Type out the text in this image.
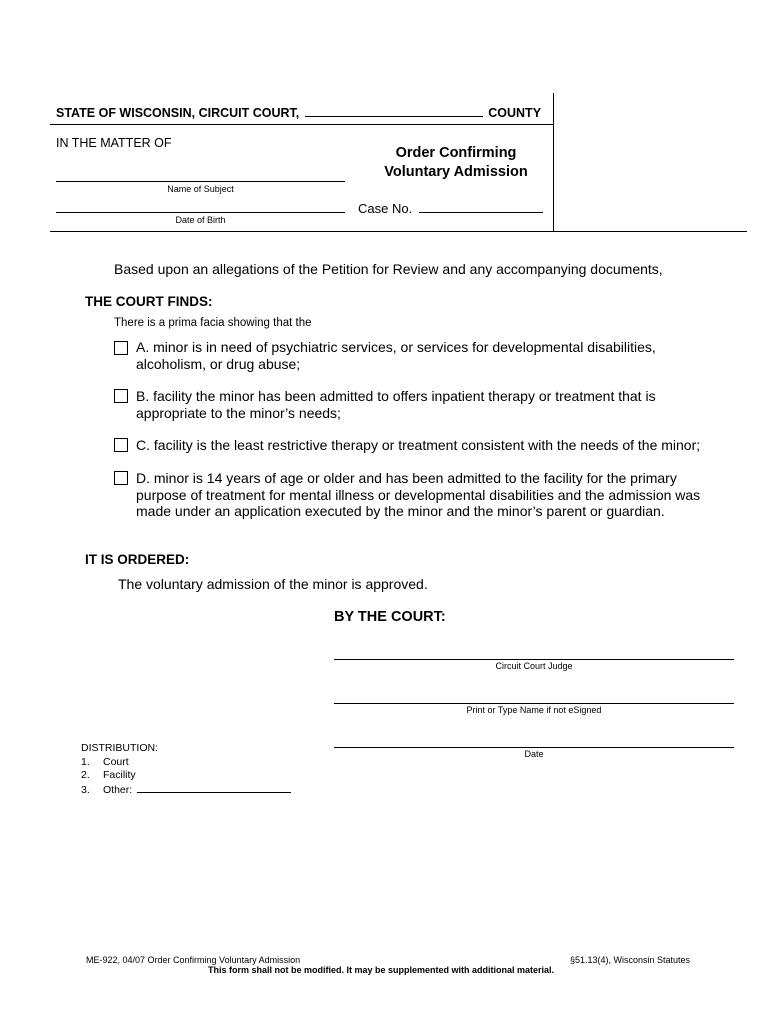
STATE OF WISCONSIN, CIRCUIT COURT,	COUNTY
IN THE MATTER OF
Name of Subject
Date of Birth
Order Confirming
Voluntary Admission
Case No.
Based upon an allegations of the Petition for Review and any accompanying documents,
THE COURT FINDS:
There is a prima facia showing that the
A. minor is in need of psychiatric services, or services for developmental disabilities, alcoholism, or drug abuse;
B. facility the minor has been admitted to offers inpatient therapy or treatment that is appropriate to the minor’s needs;
C. facility is the least restrictive therapy or treatment consistent with the needs of the minor;
D. minor is 14 years of age or older and has been admitted to the facility for the primary purpose of treatment for mental illness or developmental disabilities and the admission was made under an application executed by the minor and the minor’s parent or guardian.
IT IS ORDERED:
The voluntary admission of the minor is approved.
BY THE COURT:
Circuit Court Judge
Print or Type Name if not eSigned
Date
DISTRIBUTION:
1. Court
2. Facility
3. Other:
ME-922, 04/07 Order Confirming Voluntary Admission	§51.13(4), Wisconsin Statutes
This form shall not be modified. It may be supplemented with additional material.
